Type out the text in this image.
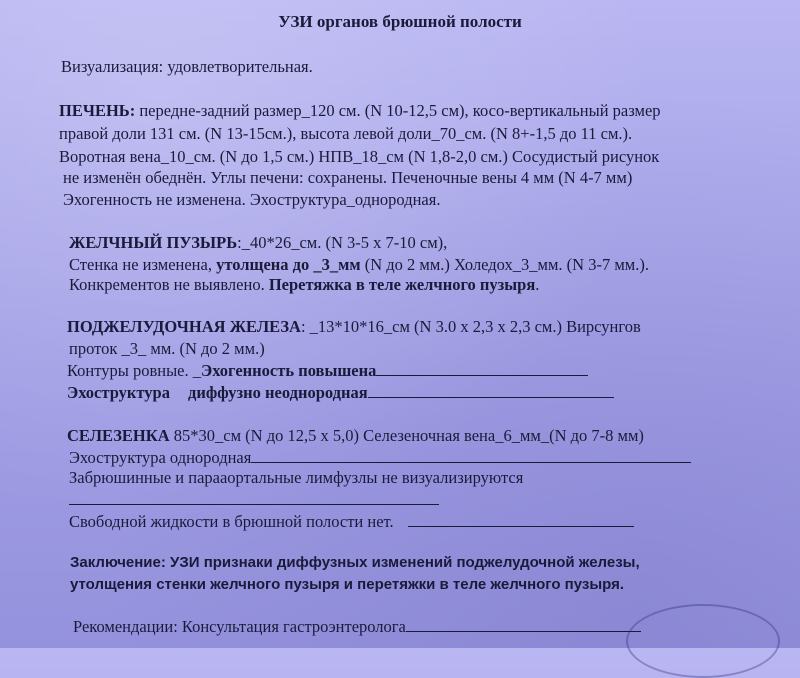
УЗИ органов брюшной полости
Визуализация: удовлетворительная.
ПЕЧЕНЬ: передне-задний размер_120 см. (N 10-12,5 см), косо-вертикальный размер
правой доли 131 см. (N 13-15см.), высота левой доли_70_см. (N 8+-1,5 до 11 см.).
Воротная вена_10_см. (N до 1,5 см.) НПВ_18_см (N 1,8-2,0 см.) Сосудистый рисунок
не изменён обеднён. Углы печени: сохранены. Печеночные вены 4 мм (N 4-7 мм)
Эхогенность не изменена. Эхоструктура_однородная.
ЖЕЛЧНЫЙ ПУЗЫРЬ:_40*26_см. (N 3-5 х 7-10 см),
Стенка не изменена, утолщена до _3_мм (N до 2 мм.) Холедох_3_мм. (N 3-7 мм.).
Конкрементов не выявлено. Перетяжка в теле желчного пузыря.
ПОДЖЕЛУДОЧНАЯ ЖЕЛЕЗА: _13*10*16_см (N 3.0 х 2,3 х 2,3 см.) Вирсунгов
проток _3_ мм. (N до 2 мм.)
Контуры ровные. _Эхогенность повышена
Эхоструктура диффузно неоднородная
СЕЛЕЗЕНКА 85*30_см (N до 12,5 х 5,0) Селезеночная вена_6_мм_(N до 7-8 мм)
Эхоструктура однородная
Забрюшинные и парааортальные лимфузлы не визуализируются
Свободной жидкости в брюшной полости нет.
Заключение: УЗИ признаки диффузных изменений поджелудочной железы,
утолщения стенки желчного пузыря и перетяжки в теле желчного пузыря.
Рекомендации: Консультация гастроэнтеролога
